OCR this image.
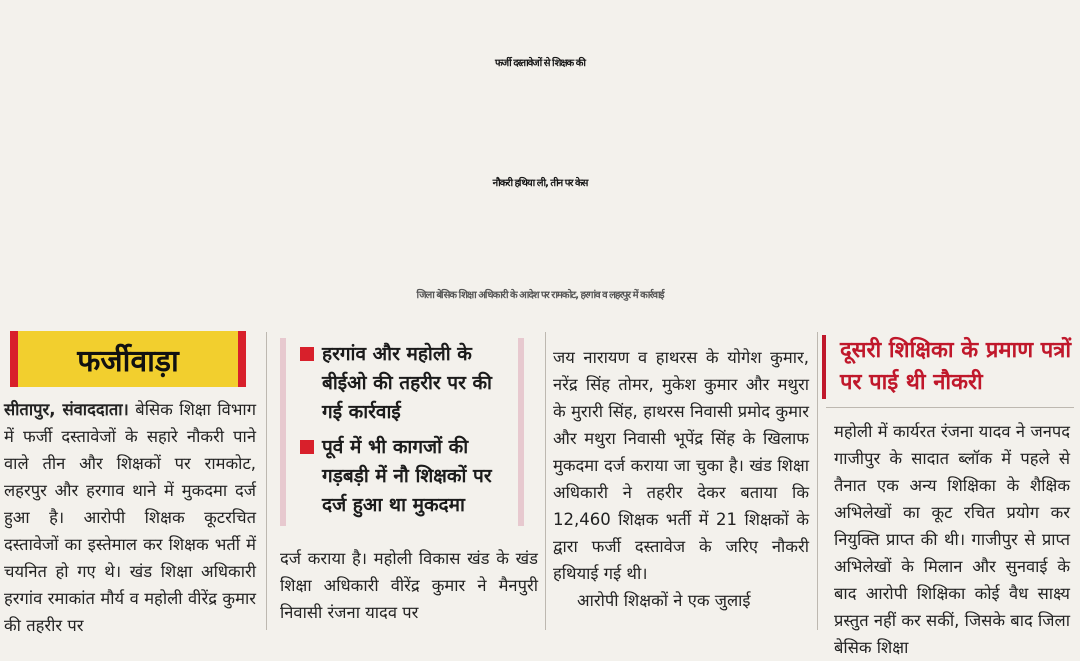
फर्जी दस्तावेजों से शिक्षक की
नौकरी हथिया ली, तीन पर केस
जिला बेसिक शिक्षा अधिकारी के आदेश पर रामकोट, हरगांव व लहरपुर में कार्रवाई
फर्जीवाड़ा

सीतापुर, संवाददाता। बेसिक शिक्षा विभाग में फर्जी दस्तावेजों के सहारे नौकरी पाने वाले तीन और शिक्षकों पर रामकोट, लहरपुर और हरगाव थाने में मुकदमा दर्ज हुआ है। आरोपी शिक्षक कूटरचित दस्तावेजों का इस्तेमाल कर शिक्षक भर्ती में चयनित हो गए थे। खंड शिक्षा अधिकारी हरगांव रमाकांत मौर्य व महोली वीरेंद्र कुमार की तहरीर पर

हरगांव और महोली के बीईओ की तहरीर पर की गई कार्रवाई
पूर्व में भी कागजों की गड़बड़ी में नौ शिक्षकों पर दर्ज हुआ था मुकदमा

दर्ज कराया है। महोली विकास खंड के खंड शिक्षा अधिकारी वीरेंद्र कुमार ने मैनपुरी निवासी रंजना यादव पर

जय नारायण व हाथरस के योगेश कुमार, नरेंद्र सिंह तोमर, मुकेश कुमार और मथुरा के मुरारी सिंह, हाथरस निवासी प्रमोद कुमार और मथुरा निवासी भूपेंद्र सिंह के खिलाफ मुकदमा दर्ज कराया जा चुका है। खंड शिक्षा अधिकारी ने तहरीर देकर बताया कि 12,460 शिक्षक भर्ती में 21 शिक्षकों के द्वारा फर्जी दस्तावेज के जरिए नौकरी हथियाई गई थी।

आरोपी शिक्षकों ने एक जुलाई

दूसरी शिक्षिका के प्रमाण पत्रों पर पाई थी नौकरी

महोली में कार्यरत रंजना यादव ने जनपद गाजीपुर के सादात ब्लॉक में पहले से तैनात एक अन्य शिक्षिका के शैक्षिक अभिलेखों का कूट रचित प्रयोग कर नियुक्ति प्राप्त की थी। गाजीपुर से प्राप्त अभिलेखों के मिलान और सुनवाई के बाद आरोपी शिक्षिका कोई वैध साक्ष्य प्रस्तुत नहीं कर सकीं, जिसके बाद जिला बेसिक शिक्षा
